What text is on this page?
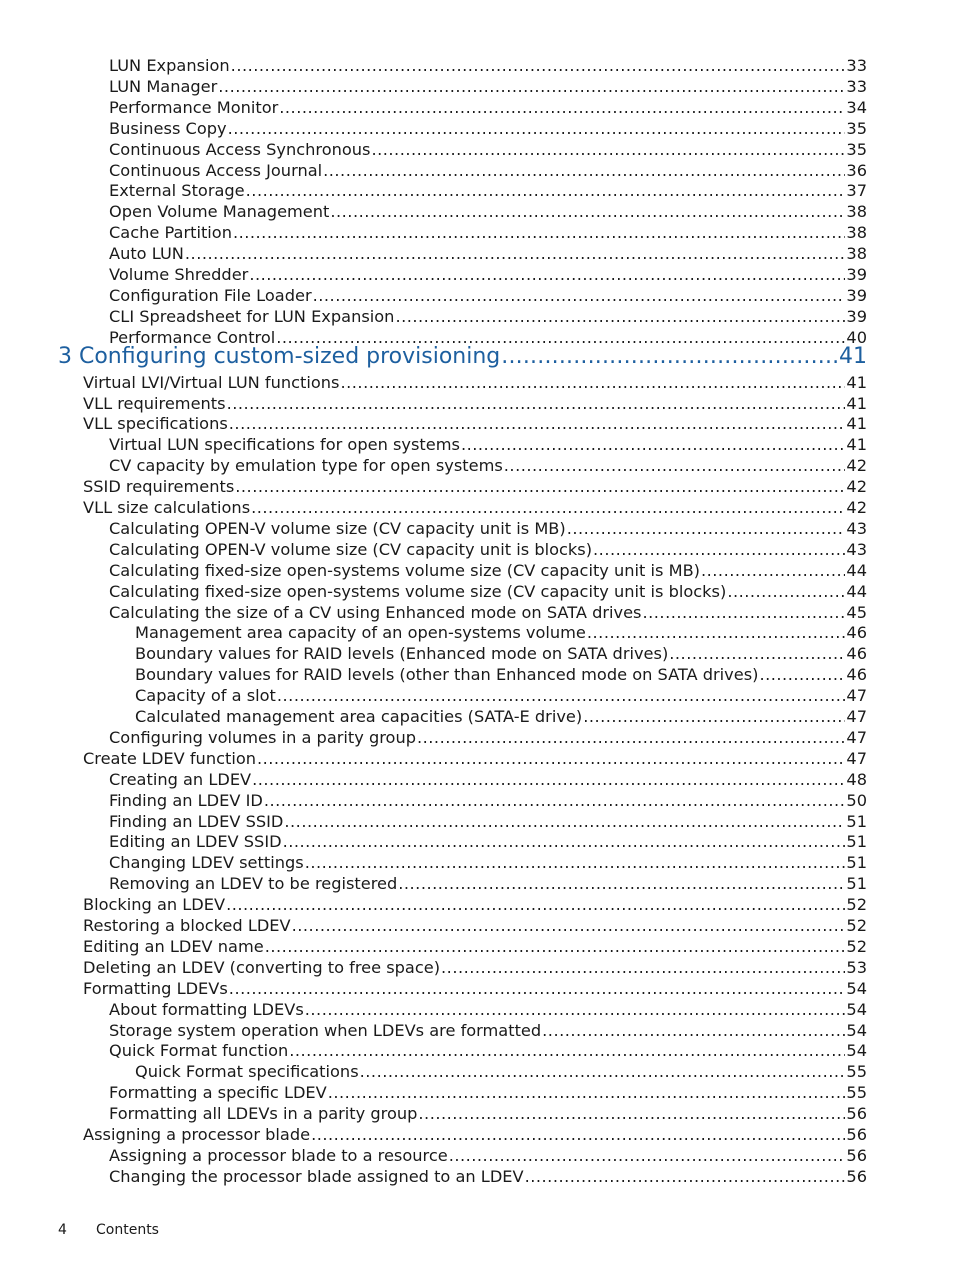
LUN Expansion .....	33
LUN Manager .....	33
Performance Monitor .....	34
Business Copy .....	35
Continuous Access Synchronous .....	35
Continuous Access Journal .....	36
External Storage .....	37
Open Volume Management .....	38
Cache Partition .....	38
Auto LUN .....	38
Volume Shredder .....	39
Configuration File Loader .....	39
CLI Spreadsheet for LUN Expansion .....	39
Performance Control .....	40
3 Configuring custom-sized provisioning .....	41
Virtual LVI/Virtual LUN functions .....	41
VLL requirements .....	41
VLL specifications .....	41
Virtual LUN specifications for open systems .....	41
CV capacity by emulation type for open systems .....	42
SSID requirements .....	42
VLL size calculations .....	42
Calculating OPEN-V volume size (CV capacity unit is MB) .....	43
Calculating OPEN-V volume size (CV capacity unit is blocks) .....	43
Calculating fixed-size open-systems volume size (CV capacity unit is MB) .....	44
Calculating fixed-size open-systems volume size (CV capacity unit is blocks) .....	44
Calculating the size of a CV using Enhanced mode on SATA drives .....	45
Management area capacity of an open-systems volume .....	46
Boundary values for RAID levels (Enhanced mode on SATA drives) .....	46
Boundary values for RAID levels (other than Enhanced mode on SATA drives) .....	46
Capacity of a slot .....	47
Calculated management area capacities (SATA-E drive) .....	47
Configuring volumes in a parity group .....	47
Create LDEV function .....	47
Creating an LDEV .....	48
Finding an LDEV ID .....	50
Finding an LDEV SSID .....	51
Editing an LDEV SSID .....	51
Changing LDEV settings .....	51
Removing an LDEV to be registered .....	51
Blocking an LDEV .....	52
Restoring a blocked LDEV .....	52
Editing an LDEV name .....	52
Deleting an LDEV (converting to free space) .....	53
Formatting LDEVs .....	54
About formatting LDEVs .....	54
Storage system operation when LDEVs are formatted .....	54
Quick Format function .....	54
Quick Format specifications .....	55
Formatting a specific LDEV .....	55
Formatting all LDEVs in a parity group .....	56
Assigning a processor blade .....	56
Assigning a processor blade to a resource .....	56
Changing the processor blade assigned to an LDEV .....	56
4 Contents
